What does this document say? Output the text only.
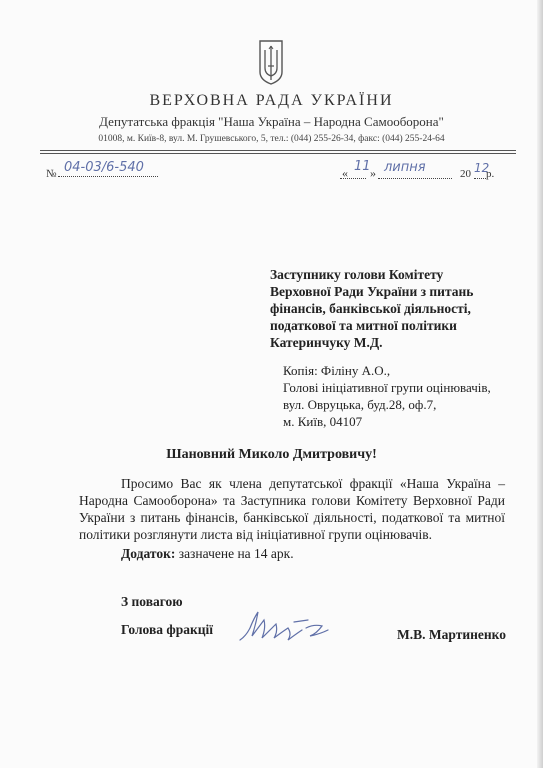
ВЕРХОВНА РАДА УКРАЇНИ
Депутатська фракція "Наша Україна – Народна Самооборона"
01008, м. Київ-8, вул. М. Грушевського, 5, тел.: (044) 255-26-34, факс: (044) 255-24-64
№ 04-03/6-540	« 11 » липня	20 12
р.
Заступнику голови Комітету
Верховної Ради України з питань
фінансів, банківської діяльності,
податкової та митної політики
Катеринчуку М.Д.
Копія: Філіну А.О.,
Голові ініціативної групи оцінювачів,
вул. Овруцька, буд.28, оф.7,
м. Київ, 04107
Шановний Миколо Дмитровичу!

Просимо Вас як члена депутатської фракції «Наша Україна – Народна Самооборона» та Заступника голови Комітету Верховної Ради України з питань фінансів, банківської діяльності, податкової та митної політики розглянути листа від ініціативної групи оцінювачів.

Додаток: зазначене на 14 арк.
З повагою
Голова фракції	М.В. Мартиненко
